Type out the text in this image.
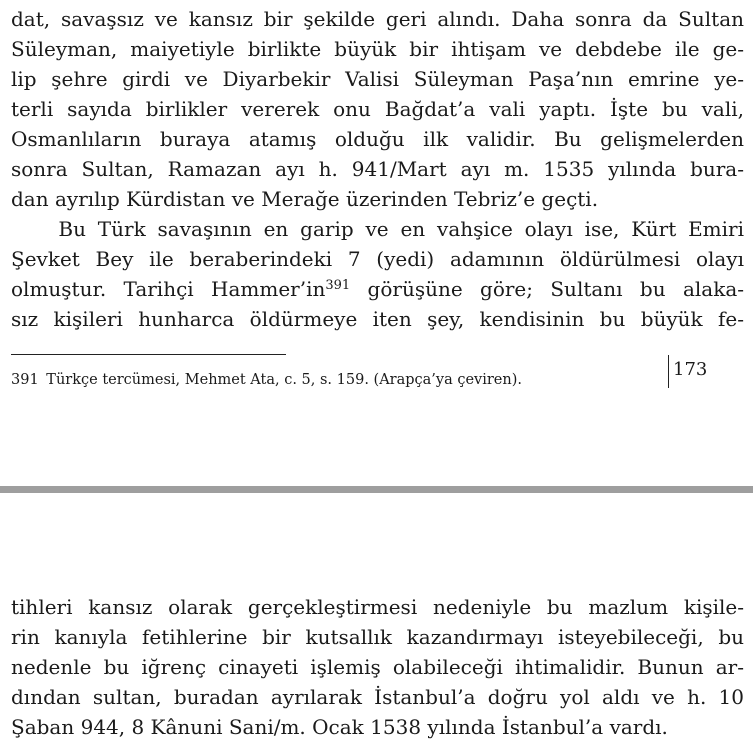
dat, savaşsız ve kansız bir şekilde geri alındı. Daha sonra da Sultan
Süleyman, maiyetiyle birlikte büyük bir ihtişam ve debdebe ile ge-
lip şehre girdi ve Diyarbekir Valisi Süleyman Paşa’nın emrine ye-
terli sayıda birlikler vererek onu Bağdat’a vali yaptı. İşte bu vali,
Osmanlıların buraya atamış olduğu ilk validir. Bu gelişmelerden
sonra Sultan, Ramazan ayı h. 941/Mart ayı m. 1535 yılında bura-
dan ayrılıp Kürdistan ve Merağe üzerinden Tebriz’e geçti.
Bu Türk savaşının en garip ve en vahşice olayı ise, Kürt Emiri
Şevket Bey ile beraberindeki 7 (yedi) adamının öldürülmesi olayı
olmuştur. Tarihçi Hammer’in$^{391}$ görüşüne göre; Sultanı bu alaka-
sız kişileri hunharca öldürmeye iten şey, kendisinin bu büyük fe-
391 Türkçe tercümesi, Mehmet Ata, c. 5, s. 159. (Arapça’ya çeviren).	173
tihleri kansız olarak gerçekleştirmesi nedeniyle bu mazlum kişile-
rin kanıyla fetihlerine bir kutsallık kazandırmayı isteyebileceği, bu
nedenle bu iğrenç cinayeti işlemiş olabileceği ihtimalidir. Bunun ar-
dından sultan, buradan ayrılarak İstanbul’a doğru yol aldı ve h. 10
Şaban 944, 8 Kânuni Sani/m. Ocak 1538 yılında İstanbul’a vardı.
